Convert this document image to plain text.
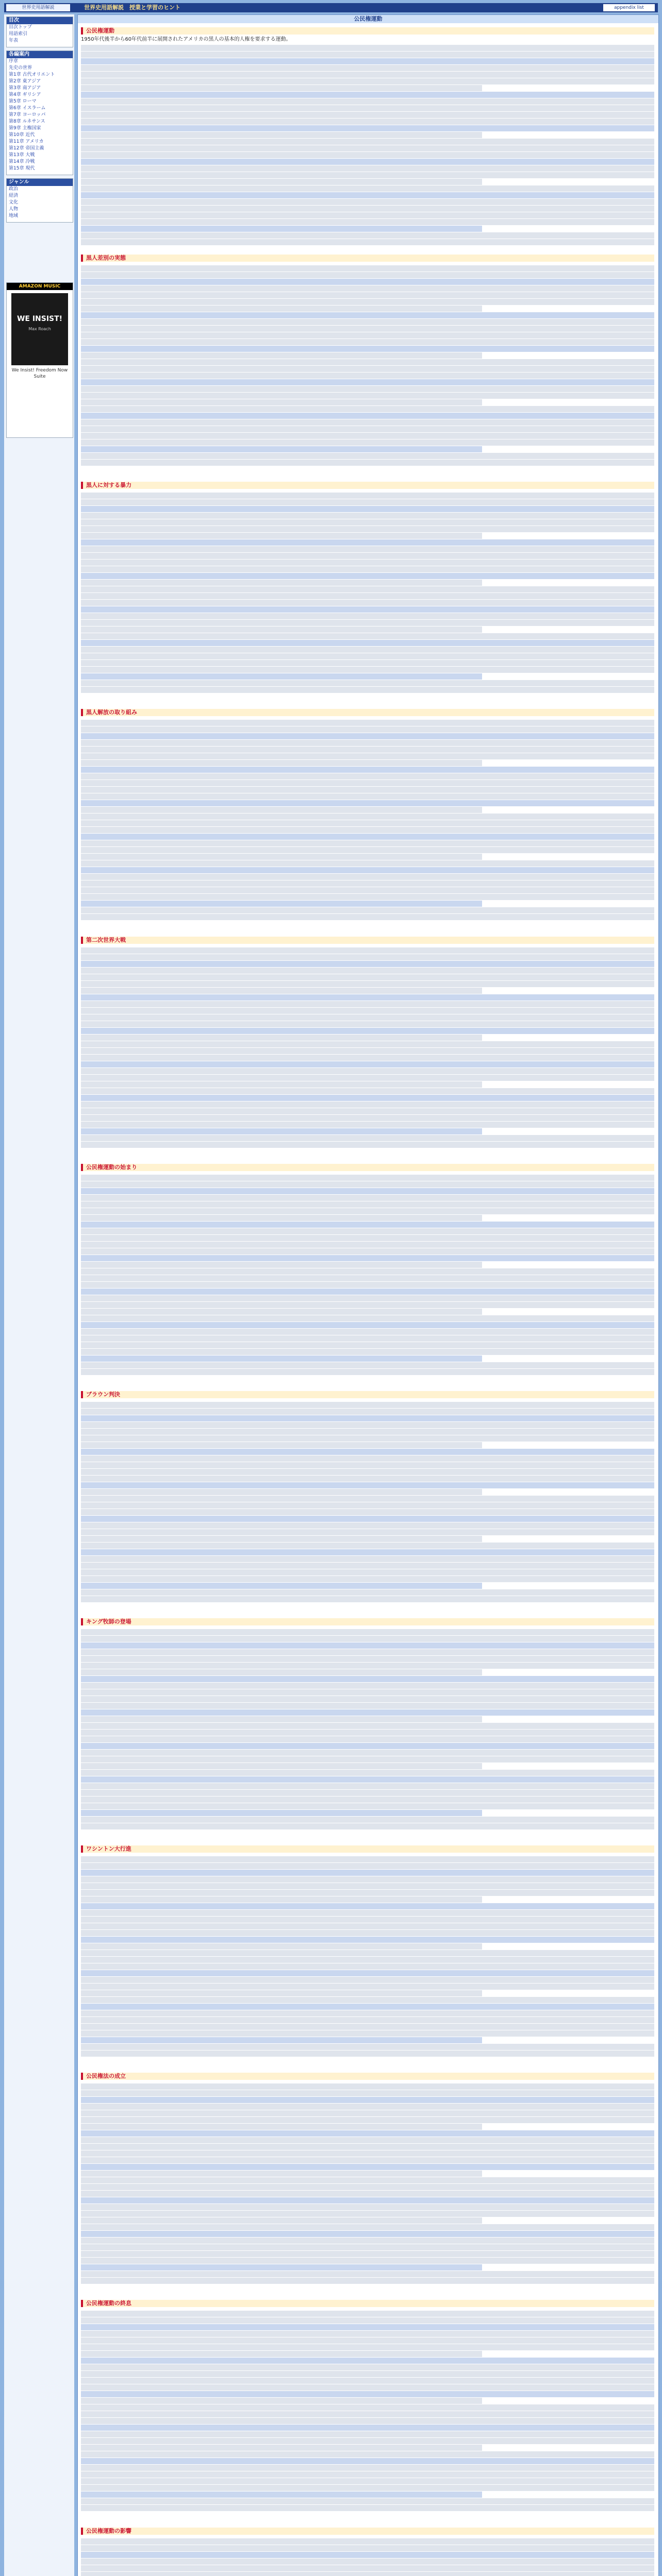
世界史用語解説	世界史用語解説　授業と学習のヒント	appendix list
目次
目次トップ
用語索引
年表
各編案内
序章
先史の世界
第1章 古代オリエント
第2章 東アジア
第3章 南アジア
第4章 ギリシア
第5章 ローマ
第6章 イスラーム
第7章 ヨーロッパ
第8章 ルネサンス
第9章 主権国家
第10章 近代
第11章 アメリカ
第12章 帝国主義
第13章 大戦
第14章 冷戦
第15章 現代
ジャンル
政治
経済
文化
人物
地域
AMAZON MUSIC
WE INSIST!
Max Roach
We Insist! Freedom Now Suite
公民権運動
公民権運動

1950年代後半から60年代前半に展開されたアメリカの黒人の基本的人権を要求する運動。

黒人差別の実態

黒人に対する暴力

黒人解放の取り組み

第二次世界大戦

公民権運動の始まり

ブラウン判決

キング牧師の登場

ワシントン大行進

公民権法の成立

公民権運動の終息

公民権運動の影響
